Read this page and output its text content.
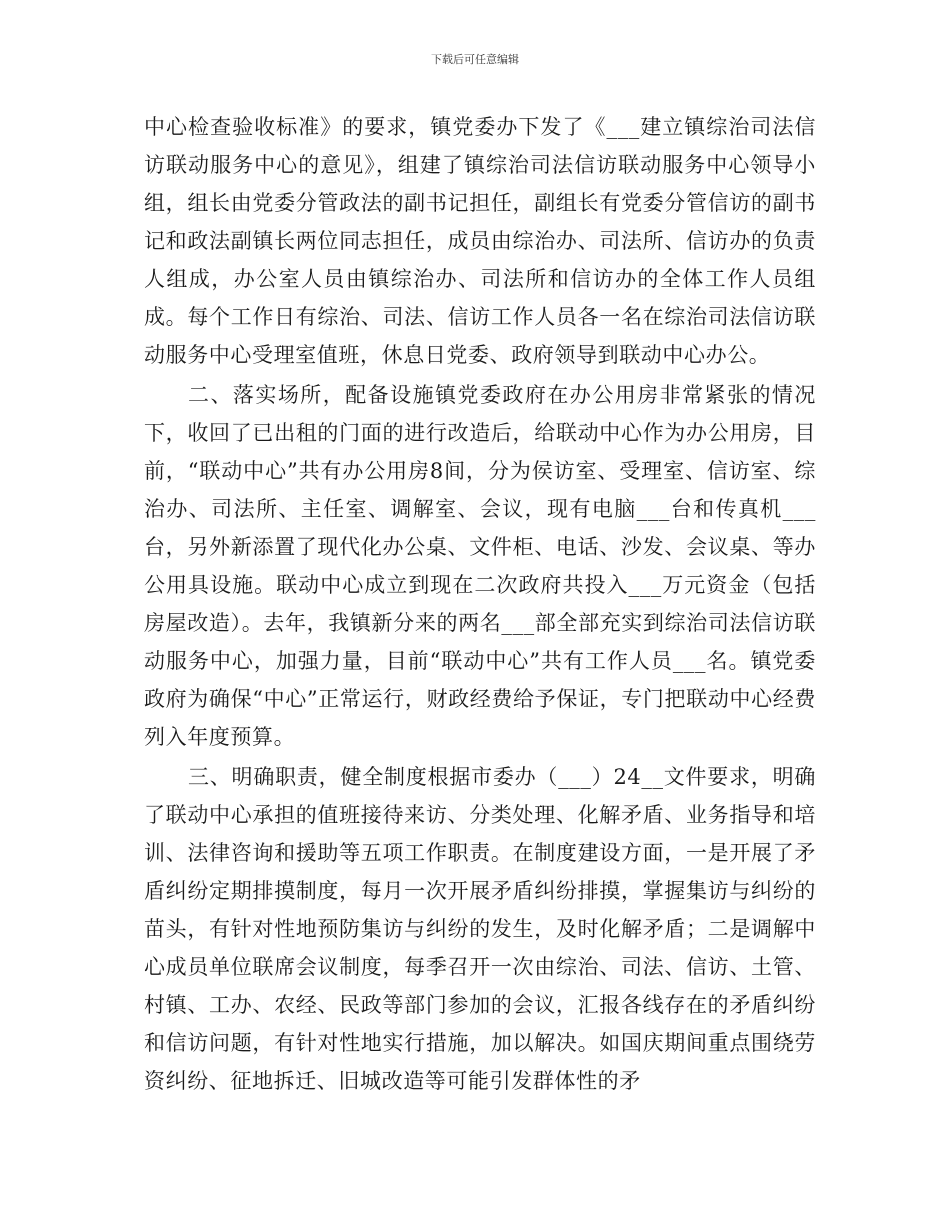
下载后可任意编辑

中心检查验收标准》的要求，镇党委办下发了《___建立镇综治司法信访联动服务中心的意见》，组建了镇综治司法信访联动服务中心领导小组，组长由党委分管政法的副书记担任，副组长有党委分管信访的副书记和政法副镇长两位同志担任，成员由综治办、司法所、信访办的负责人组成，办公室人员由镇综治办、司法所和信访办的全体工作人员组成。每个工作日有综治、司法、信访工作人员各一名在综治司法信访联动服务中心受理室值班，休息日党委、政府领导到联动中心办公。

二、落实场所，配备设施镇党委政府在办公用房非常紧张的情况下，收回了已出租的门面的进行改造后，给联动中心作为办公用房，目前，“联动中心”共有办公用房8间，分为侯访室、受理室、信访室、综治办、司法所、主任室、调解室、会议，现有电脑___台和传真机___台，另外新添置了现代化办公桌、文件柜、电话、沙发、会议桌、等办公用具设施。联动中心成立到现在二次政府共投入___万元资金（包括房屋改造）。去年，我镇新分来的两名___部全部充实到综治司法信访联动服务中心，加强力量，目前“联动中心”共有工作人员___名。镇党委政府为确保“中心”正常运行，财政经费给予保证，专门把联动中心经费列入年度预算。

三、明确职责，健全制度根据市委办（___）24__文件要求，明确了联动中心承担的值班接待来访、分类处理、化解矛盾、业务指导和培训、法律咨询和援助等五项工作职责。在制度建设方面，一是开展了矛盾纠纷定期排摸制度，每月一次开展矛盾纠纷排摸，掌握集访与纠纷的苗头，有针对性地预防集访与纠纷的发生，及时化解矛盾；二是调解中心成员单位联席会议制度，每季召开一次由综治、司法、信访、土管、村镇、工办、农经、民政等部门参加的会议，汇报各线存在的矛盾纠纷和信访问题，有针对性地实行措施，加以解决。如国庆期间重点围绕劳资纠纷、征地拆迁、旧城改造等可能引发群体性的矛
